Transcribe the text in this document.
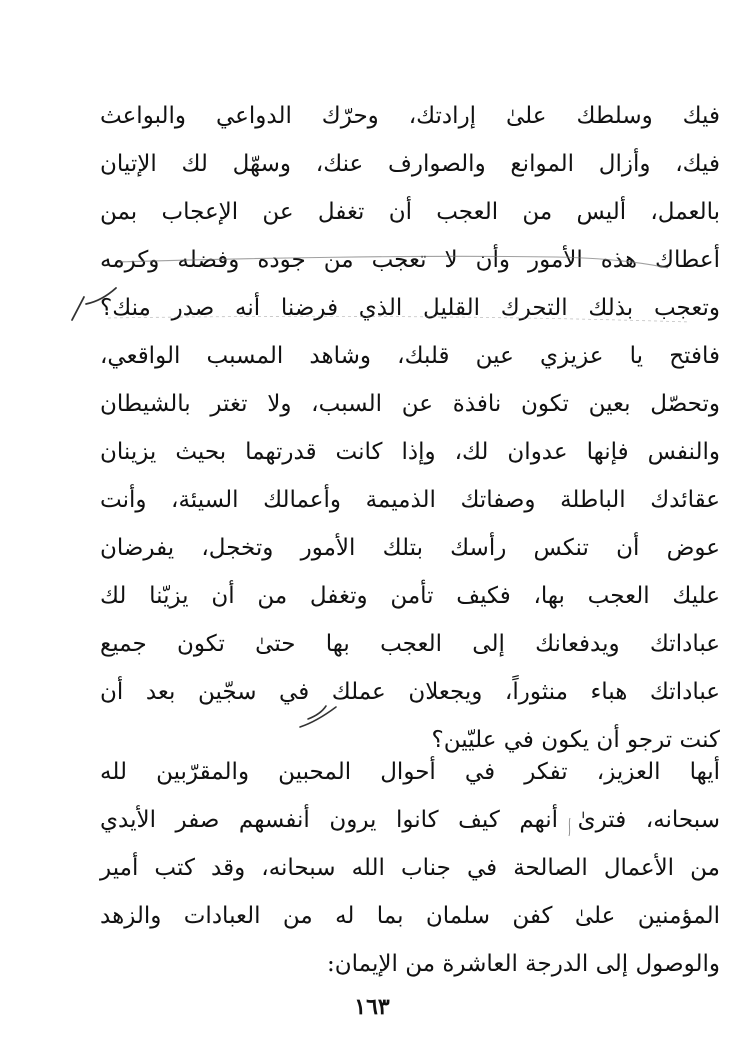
فيك وسلطك علىٰ إرادتك، وحرّك الدواعي والبواعث
فيك، وأزال الموانع والصوارف عنك، وسهّل لك الإتيان
بالعمل، أليس من العجب أن تغفل عن الإعجاب بمن
أعطاك هذه الأمور وأن لا تعجب من جوده وفضله وكرمه
وتعجب بذلك التحرك القليل الذي فرضنا أنه صدر منك؟
فافتح يا عزيزي عين قلبك، وشاهد المسبب الواقعي،
وتحصّل بعين تكون نافذة عن السبب، ولا تغتر بالشيطان
والنفس فإنها عدوان لك، وإذا كانت قدرتهما بحيث يزينان
عقائدك الباطلة وصفاتك الذميمة وأعمالك السيئة، وأنت
عوض أن تنكس رأسك بتلك الأمور وتخجل، يفرضان
عليك العجب بها، فكيف تأمن وتغفل من أن يزيّنا لك
عباداتك ويدفعانك إلى العجب بها حتىٰ تكون جميع
عباداتك هباء منثوراً، ويجعلان عملك في سجّين بعد أن
كنت ترجو أن يكون في عليّين؟
أيها العزيز، تفكر في أحوال المحبين والمقرّبين لله
سبحانه، فترىٰ أنهم كيف كانوا يرون أنفسهم صفر الأيدي
من الأعمال الصالحة في جناب الله سبحانه، وقد كتب أمير
المؤمنين علىٰ كفن سلمان بما له من العبادات والزهد
والوصول إلى الدرجة العاشرة من الإيمان:
١٦٣
